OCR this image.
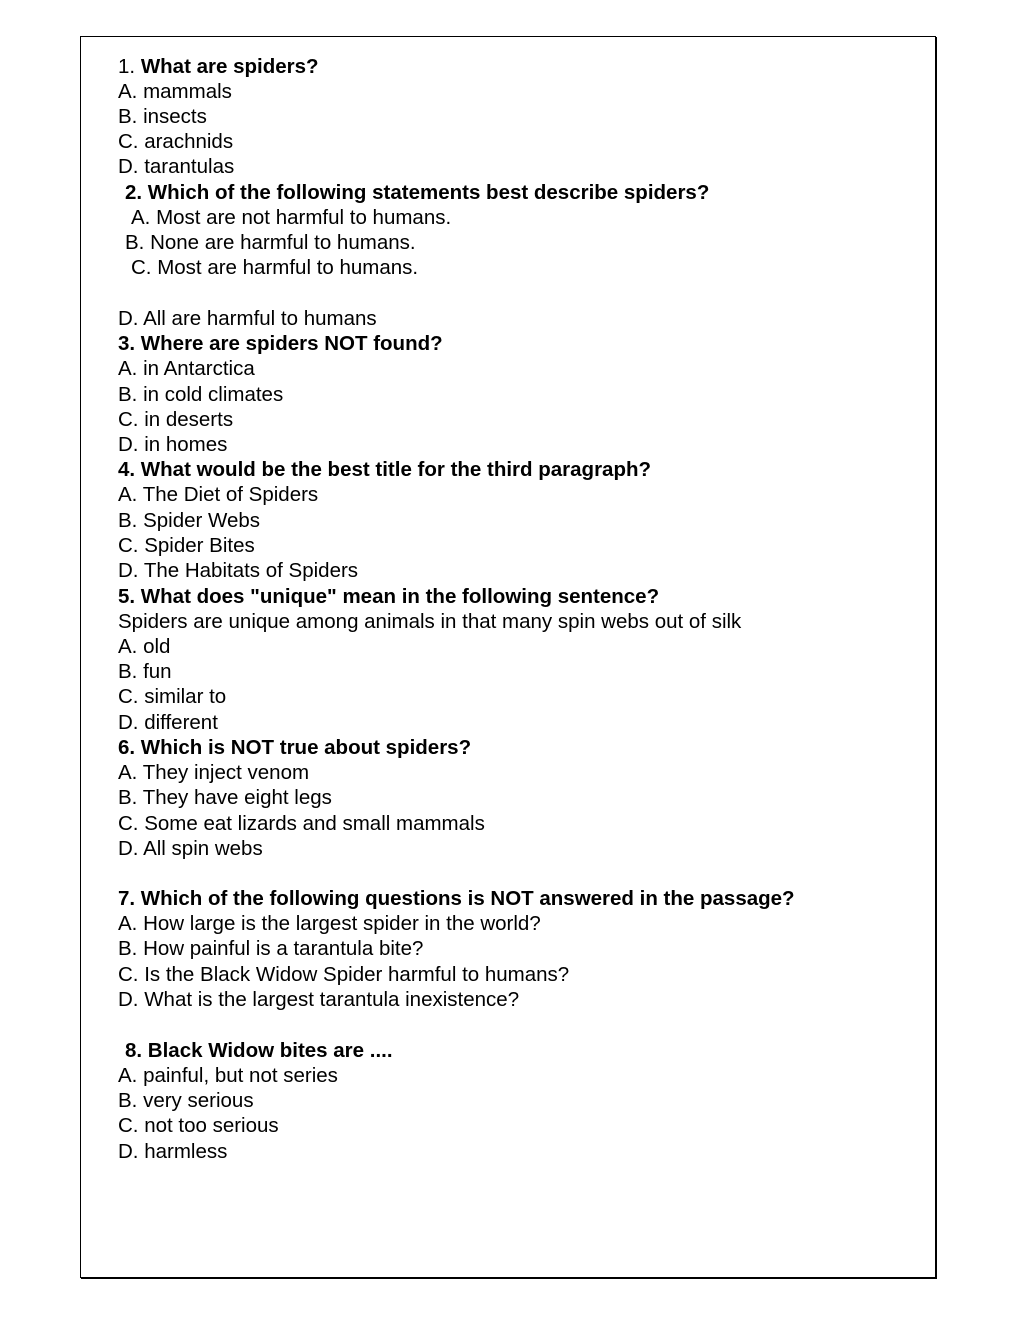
1. What are spiders?

A. mammals

B. insects

C. arachnids

D. tarantulas

2. Which of the following statements best describe spiders?

A. Most are not harmful to humans.

B. None are harmful to humans.

C. Most are harmful to humans.

D. All are harmful to humans

3. Where are spiders NOT found?

A. in Antarctica

B. in cold climates

C. in deserts

D. in homes

4. What would be the best title for the third paragraph?

A. The Diet of Spiders

B. Spider Webs

C. Spider Bites

D. The Habitats of Spiders

5. What does "unique" mean in the following sentence?

Spiders are unique among animals in that many spin webs out of silk

A. old

B. fun

C. similar to

D. different

6. Which is NOT true about spiders?

A. They inject venom

B. They have eight legs

C. Some eat lizards and small mammals

D. All spin webs

7. Which of the following questions is NOT answered in the passage?

A. How large is the largest spider in the world?

B. How painful is a tarantula bite?

C. Is the Black Widow Spider harmful to humans?

D. What is the largest tarantula inexistence?

8. Black Widow bites are ....

A. painful, but not series

B. very serious

C. not too serious

D. harmless
